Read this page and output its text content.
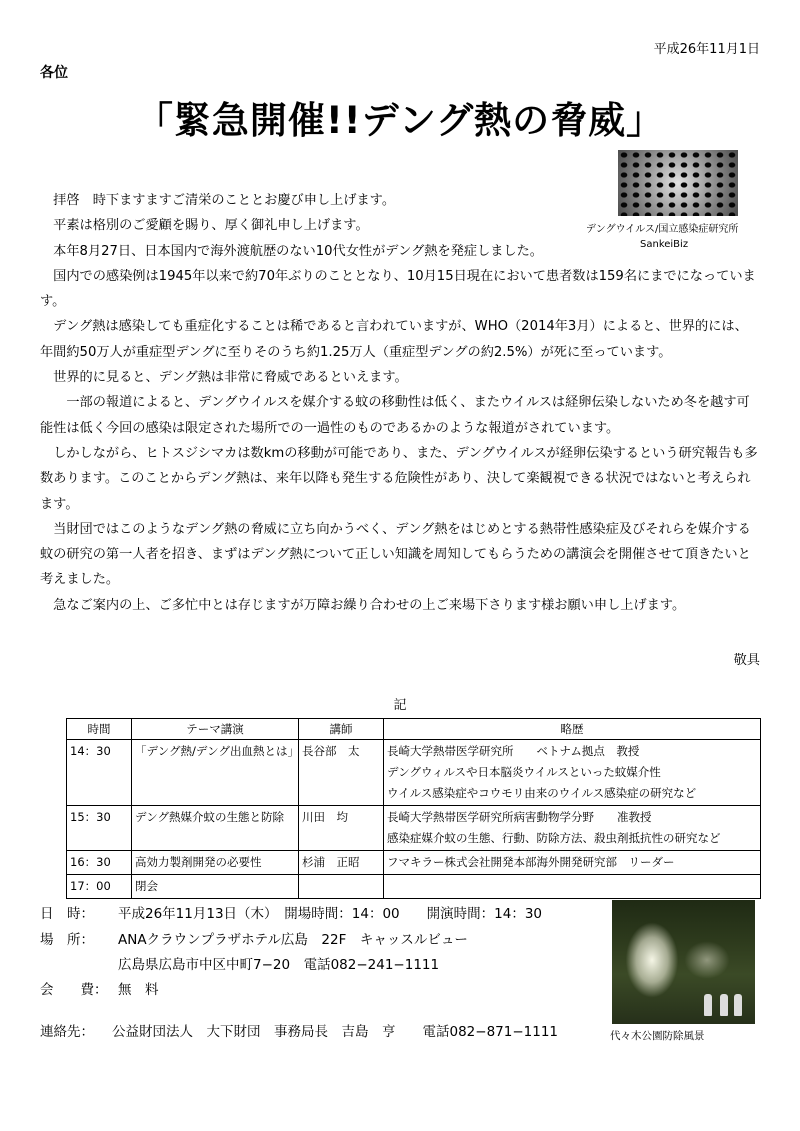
平成26年11月1日
各位
「緊急開催!!デング熱の脅威」
デングウイルス/国立感染症研究所
SankeiBiz

　拝啓　時下ますますご清栄のこととお慶び申し上げます。

　平素は格別のご愛顧を賜り、厚く御礼申し上げます。

　本年8月27日、日本国内で海外渡航歴のない10代女性がデング熱を発症しました。

　国内での感染例は1945年以来で約70年ぶりのこととなり、10月15日現在において患者数は159名にまでになっています。

　デング熱は感染しても重症化することは稀であると言われていますが、WHO（2014年3月）によると、世界的には、　年間約50万人が重症型デングに至りそのうち約1.25万人（重症型デングの約2.5%）が死に至っています。

　世界的に見ると、デング熱は非常に脅威であるといえます。

　　一部の報道によると、デングウイルスを媒介する蚊の移動性は低く、またウイルスは経卵伝染しないため冬を越す可能性は低く今回の感染は限定された場所での一過性のものであるかのような報道がされています。

　しかしながら、ヒトスジシマカは数kmの移動が可能であり、また、デングウイルスが経卵伝染するという研究報告も多数あります。このことからデング熱は、来年以降も発生する危険性があり、決して楽観視できる状況ではないと考えられます。

　当財団ではこのようなデング熱の脅威に立ち向かうべく、デング熱をはじめとする熱帯性感染症及びそれらを媒介する蚊の研究の第一人者を招き、まずはデング熱について正しい知識を周知してもらうための講演会を開催させて頂きたいと考えました。

　急なご案内の上、ご多忙中とは存じますが万障お繰り合わせの上ご来場下さります様お願い申し上げます。

敬具
記
時間	テーマ講演	講師	略歴
14：30	「デング熱/デング出血熱とは」	長谷部　太	長崎大学熱帯医学研究所　　ベトナム拠点　教授
デングウィルスや日本脳炎ウイルスといった蚊媒介性
ウイルス感染症やコウモリ由来のウイルス感染症の研究など

15：30	デング熱媒介蚊の生態と防除	川田　均	長崎大学熱帯医学研究所病害動物学分野　　准教授
感染症媒介蚊の生態、行動、防除方法、殺虫剤抵抗性の研究など

16：30	高効力製剤開発の必要性	杉浦　正昭	フマキラー株式会社開発本部海外開発研究部　リーダー

17：00	閉会		
日　時： 平成26年11月13日（木）　開場時間：14：00　　開演時間：14：30
場　所： ANAクラウンプラザホテル広島　22F　キャッスルビュー
広島県広島市中区中町7−20　電話082−241−1111
会　　費： 無　料
連絡先： 公益財団法人　大下財団　事務局長　吉島　亨　　電話082−871−1111	代々木公園防除風景
